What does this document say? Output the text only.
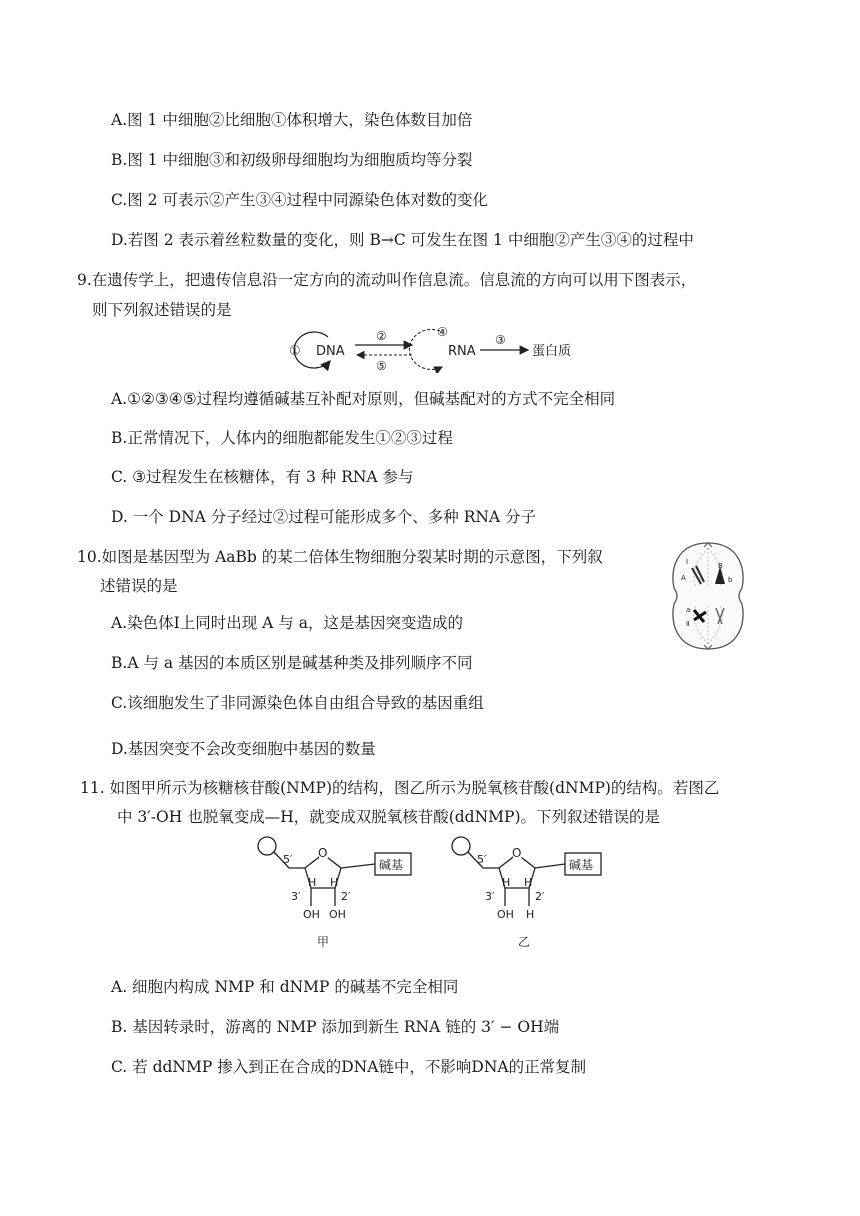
A.图 1 中细胞②比细胞①体积增大，染色体数目加倍
B.图 1 中细胞③和初级卵母细胞均为细胞质均等分裂
C.图 2 可表示②产生③④过程中同源染色体对数的变化
D.若图 2 表示着丝粒数量的变化，则 B→C 可发生在图 1 中细胞②产生③④的过程中
9.在遗传学上，把遗传信息沿一定方向的流动叫作信息流。信息流的方向可以用下图表示，
则下列叙述错误的是
① DNA
②
⑤
④
RNA
③
蛋白质
A.①②③④⑤过程均遵循碱基互补配对原则，但碱基配对的方式不完全相同
B.正常情况下，人体内的细胞都能发生①②③过程
C. ③过程发生在核糖体，有 3 种 RNA 参与
D. 一个 DNA 分子经过②过程可能形成多个、多种 RNA 分子
10.如图是基因型为 AaBb 的某二倍体生物细胞分裂某时期的示意图，下列叙
述错误的是
Ⅰ
A
B
b
a
Ⅱ
A.染色体Ⅰ上同时出现 A 与 a，这是基因突变造成的
B.A 与 a 基因的本质区别是碱基种类及排列顺序不同
C.该细胞发生了非同源染色体自由组合导致的基因重组
D.基因突变不会改变细胞中基因的数量
11. 如图甲所示为核糖核苷酸(NMP)的结构，图乙所示为脱氧核苷酸(dNMP)的结构。若图乙
中 3′-OH 也脱氧变成—H，就变成双脱氧核苷酸(ddNMP)。下列叙述错误的是
O
碱基
5′
H H
3′	2′
OH OH
甲
O
碱基
5′
H H
3′	2′
OH H
乙
A. 细胞内构成 NMP 和 dNMP 的碱基不完全相同
B. 基因转录时，游离的 NMP 添加到新生 RNA 链的 3′ − OH端
C. 若 ddNMP 掺入到正在合成的DNA链中，不影响DNA的正常复制
